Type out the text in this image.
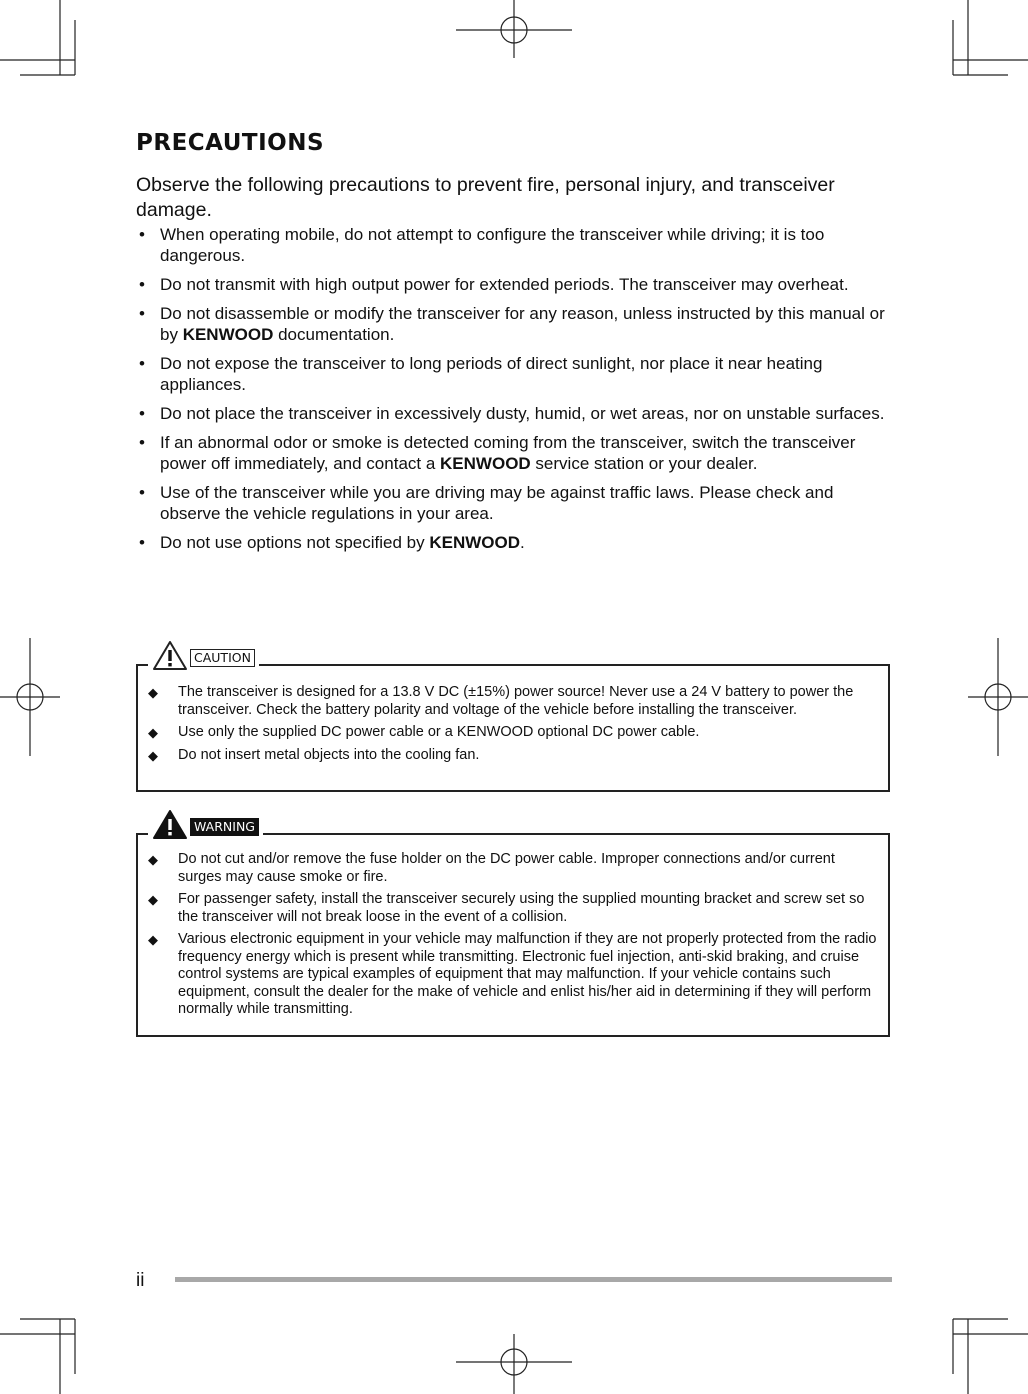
PRECAUTIONS

Observe the following precautions to prevent fire, personal injury, and transceiver damage.

• When operating mobile, do not attempt to configure the transceiver while driving; it is too dangerous.
• Do not transmit with high output power for extended periods. The transceiver may overheat.
• Do not disassemble or modify the transceiver for any reason, unless instructed by this manual or by KENWOOD documentation.
• Do not expose the transceiver to long periods of direct sunlight, nor place it near heating appliances.
• Do not place the transceiver in excessively dusty, humid, or wet areas, nor on unstable surfaces.
• If an abnormal odor or smoke is detected coming from the transceiver, switch the transceiver power off immediately, and contact a KENWOOD service station or your dealer.
• Use of the transceiver while you are driving may be against traffic laws. Please check and observe the vehicle regulations in your area.
• Do not use options not specified by KENWOOD.
CAUTION
◆ The transceiver is designed for a 13.8 V DC (±15%) power source! Never use a 24 V battery to power the transceiver. Check the battery polarity and voltage of the vehicle before installing the transceiver.
◆ Use only the supplied DC power cable or a KENWOOD optional DC power cable.
◆ Do not insert metal objects into the cooling fan.
WARNING
◆ Do not cut and/or remove the fuse holder on the DC power cable. Improper connections and/or current surges may cause smoke or fire.
◆ For passenger safety, install the transceiver securely using the supplied mounting bracket and screw set so the transceiver will not break loose in the event of a collision.
◆ Various electronic equipment in your vehicle may malfunction if they are not properly protected from the radio frequency energy which is present while transmitting. Electronic fuel injection, anti-skid braking, and cruise control systems are typical examples of equipment that may malfunction. If your vehicle contains such equipment, consult the dealer for the make of vehicle and enlist his/her aid in determining if they will perform normally while transmitting.
ii
